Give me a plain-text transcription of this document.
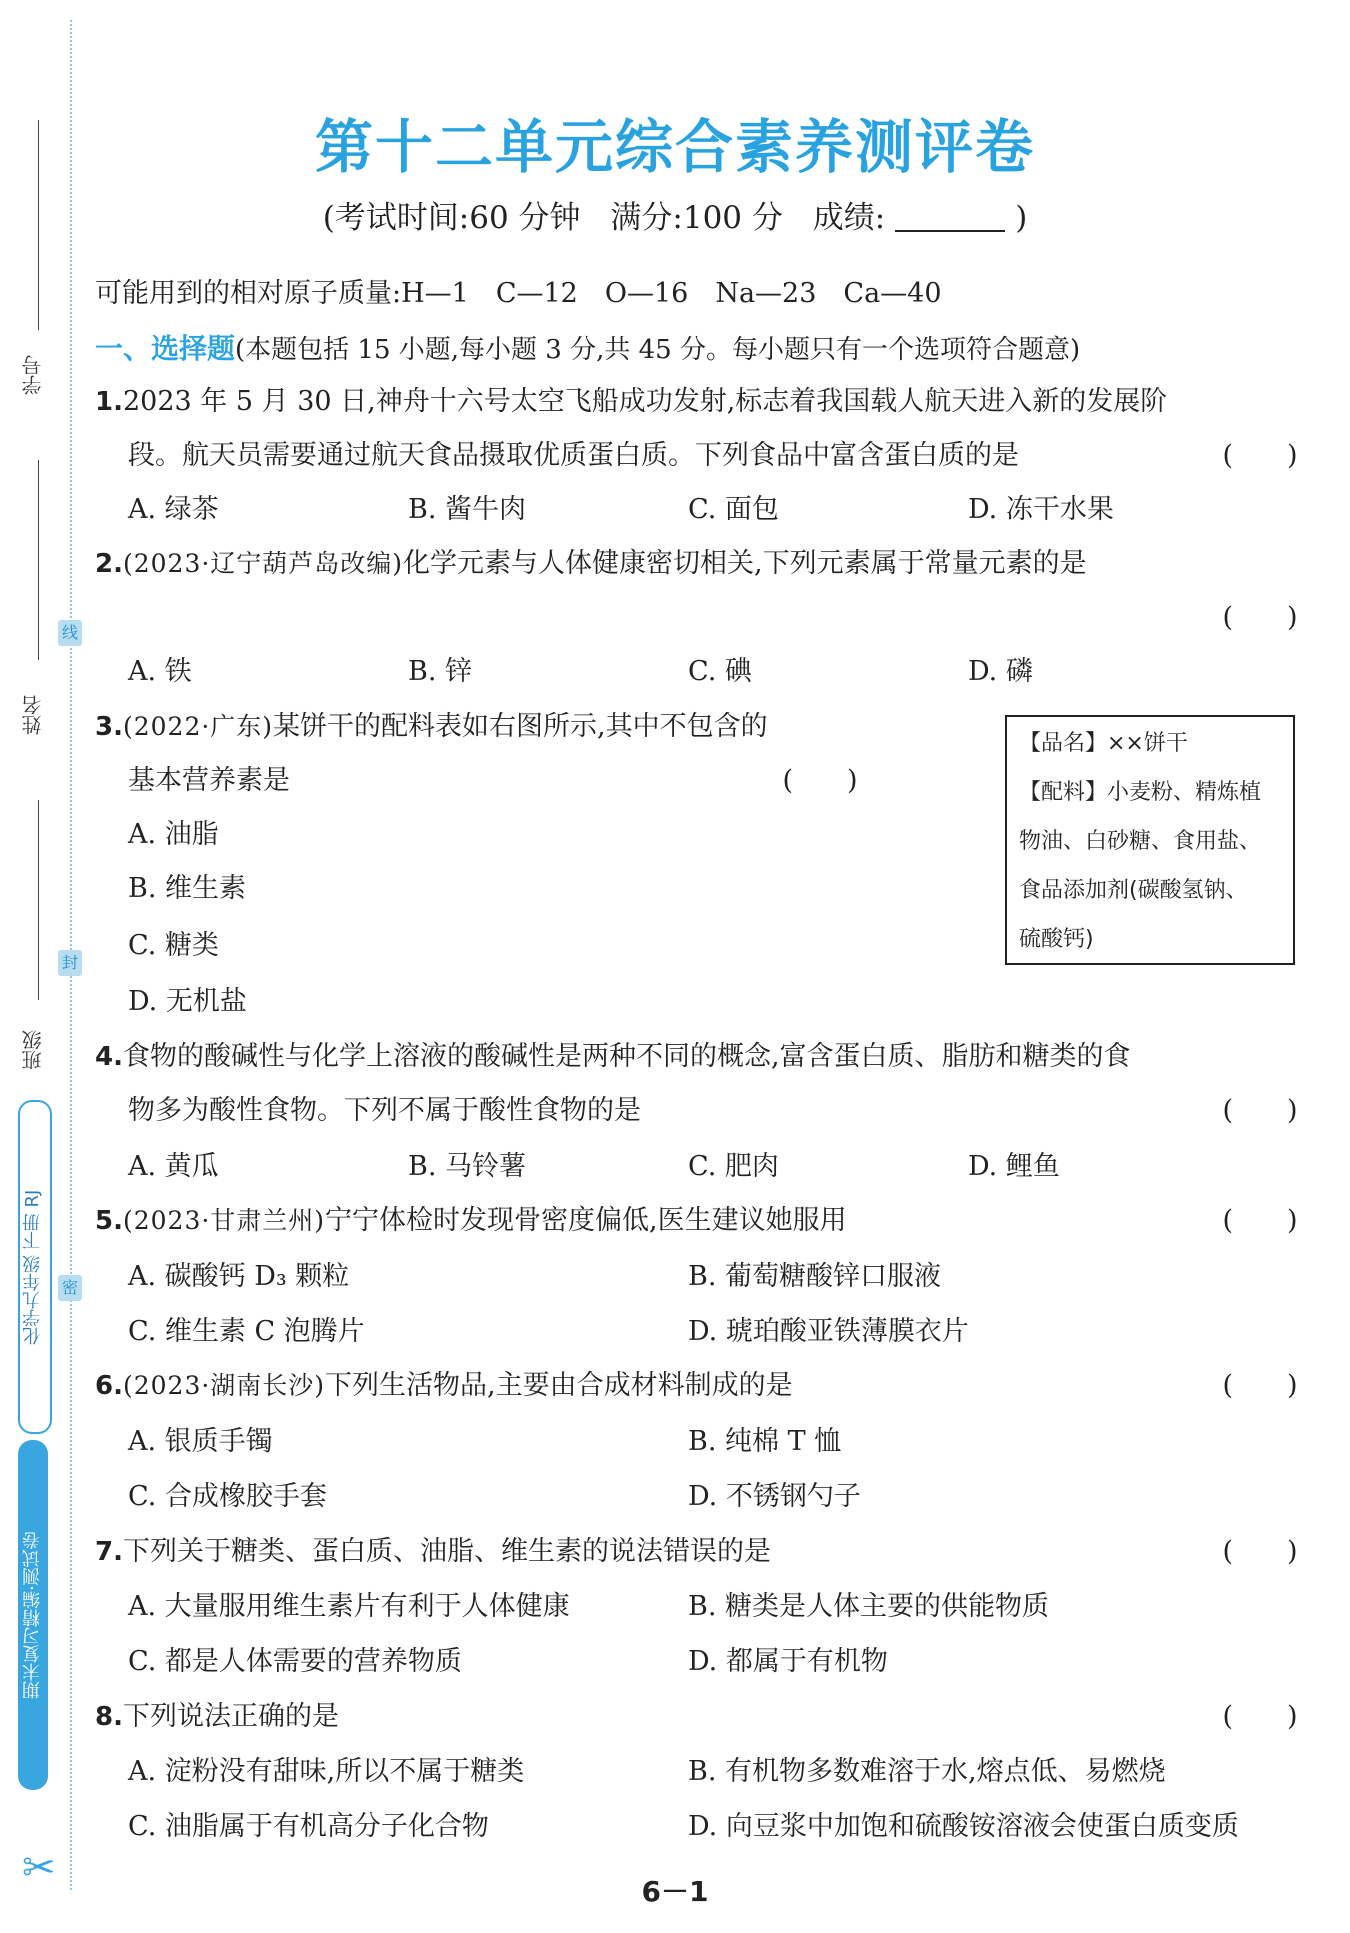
学号
线
姓名
封
班级
化学九年级 下册 RJ	密
期末复习精编·测试卷
✂
第十二单元综合素养测评卷
(考试时间:60 分钟 满分:100 分 成绩:	)
可能用到的相对原子质量:H—1　C—12　O—16　Na—23　Ca—40
一、选择题(本题包括 15 小题,每小题 3 分,共 45 分。每小题只有一个选项符合题意)
1.2023 年 5 月 30 日,神舟十六号太空飞船成功发射,标志着我国载人航天进入新的发展阶
段。航天员需要通过航天食品摄取优质蛋白质。下列食品中富含蛋白质的是	(　　)
A. 绿茶	B. 酱牛肉	C. 面包	D. 冻干水果
2.(2023·辽宁葫芦岛改编)化学元素与人体健康密切相关,下列元素属于常量元素的是
(　　)
A. 铁	B. 锌	C. 碘	D. 磷
3.(2022·广东)某饼干的配料表如右图所示,其中不包含的
基本营养素是	(　　)
A. 油脂
B. 维生素
C. 糖类
D. 无机盐
4.食物的酸碱性与化学上溶液的酸碱性是两种不同的概念,富含蛋白质、脂肪和糖类的食
物多为酸性食物。下列不属于酸性食物的是	(　　)
A. 黄瓜	B. 马铃薯	C. 肥肉	D. 鲤鱼
5.(2023·甘肃兰州)宁宁体检时发现骨密度偏低,医生建议她服用	(　　)
A. 碳酸钙 D₃ 颗粒	B. 葡萄糖酸锌口服液
C. 维生素 C 泡腾片	D. 琥珀酸亚铁薄膜衣片
6.(2023·湖南长沙)下列生活物品,主要由合成材料制成的是	(　　)
A. 银质手镯	B. 纯棉 T 恤
C. 合成橡胶手套	D. 不锈钢勺子
7.下列关于糖类、蛋白质、油脂、维生素的说法错误的是	(　　)
A. 大量服用维生素片有利于人体健康	B. 糖类是人体主要的供能物质
C. 都是人体需要的营养物质	D. 都属于有机物
8.下列说法正确的是	(　　)
A. 淀粉没有甜味,所以不属于糖类	B. 有机物多数难溶于水,熔点低、易燃烧
C. 油脂属于有机高分子化合物	D. 向豆浆中加饱和硫酸铵溶液会使蛋白质变质
【品名】××饼干
【配料】小麦粉、精炼植
物油、白砂糖、食用盐、
食品添加剂(碳酸氢钠、
硫酸钙)
6－1
